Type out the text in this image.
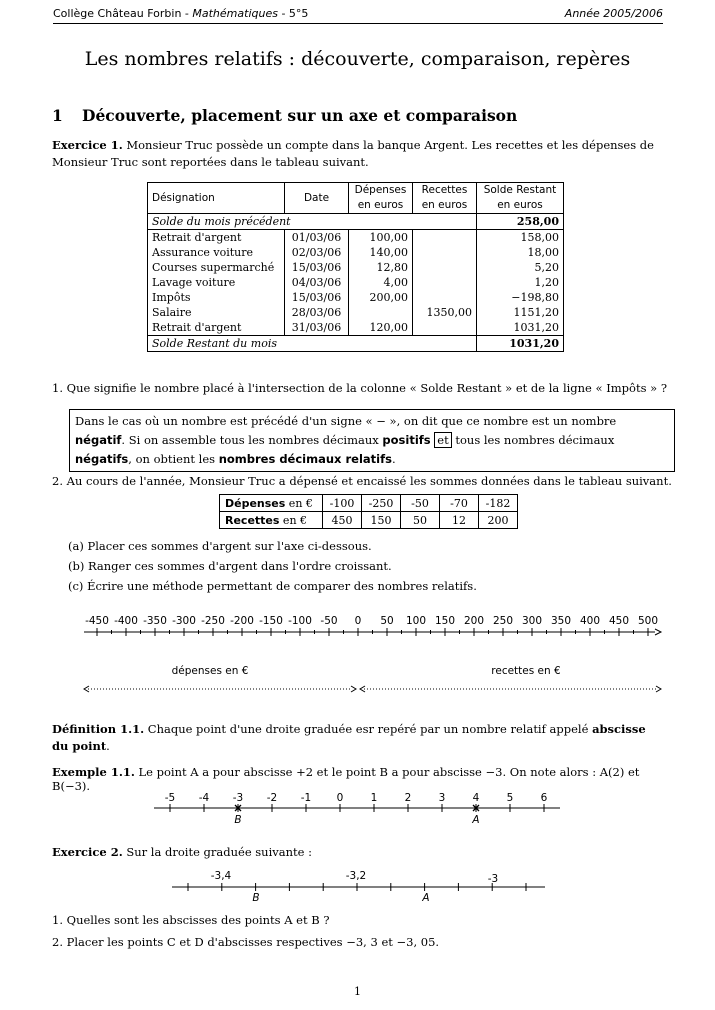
Collège Château Forbin - Mathématiques - 5°5	Année 2005/2006
Les nombres relatifs : découverte, comparaison, repères
1 Découverte, placement sur un axe et comparaison

Exercice 1. Monsieur Truc possède un compte dans la banque Argent. Les recettes et les dépenses de Monsieur Truc sont reportées dans le tableau suivant.

Désignation	Date	Dépenses	Recettes	Solde Restant
		en euros	en euros	en euros
Solde du mois précédent				258,00
Retrait d'argent	01/03/06	100,00		158,00
Assurance voiture	02/03/06	140,00		18,00
Courses supermarché	15/03/06	12,80		5,20
Lavage voiture	04/03/06	4,00		1,20
Impôts	15/03/06	200,00		−198,80
Salaire	28/03/06		1350,00	1151,20
Retrait d'argent	31/03/06	120,00		1031,20
Solde Restant du mois				1031,20
1. Que signifie le nombre placé à l'intersection de la colonne « Solde Restant » et de la ligne « Impôts » ?
Dans le cas où un nombre est précédé d'un signe « − », on dit que ce nombre est un nombre négatif. Si on assemble tous les nombres décimaux positifs et tous les nombres décimaux négatifs, on obtient les nombres décimaux relatifs.
2. Au cours de l'année, Monsieur Truc a dépensé et encaissé les sommes données dans le tableau suivant.
Dépenses en €	-100	-250	-50	-70	-182
Recettes en €	450	150	50	12	200
(a) Placer ces sommes d'argent sur l'axe ci-dessous.
(b) Ranger ces sommes d'argent dans l'ordre croissant.
(c) Écrire une méthode permettant de comparer des nombres relatifs.
-450 -400 -350 -300 -250 -200 -150 -100 -50 0 50 100 150 200 250 300 350 400 450 500
dépenses en €	recettes en €
Définition 1.1. Chaque point d'une droite graduée esr repéré par un nombre relatif appelé abscisse du point.
Exemple 1.1. Le point A a pour abscisse +2 et le point B a pour abscisse −3. On note alors : A(2) et B(−3).
-5 -4 -3 -2 -1 0	1	2	3	4	5	6
B	A
Exercice 2. Sur la droite graduée suivante :
-3,4	-3,2	-3
B	A
1. Quelles sont les abscisses des points A et B ?
2. Placer les points C et D d'abscisses respectives −3, 3 et −3, 05.
1
